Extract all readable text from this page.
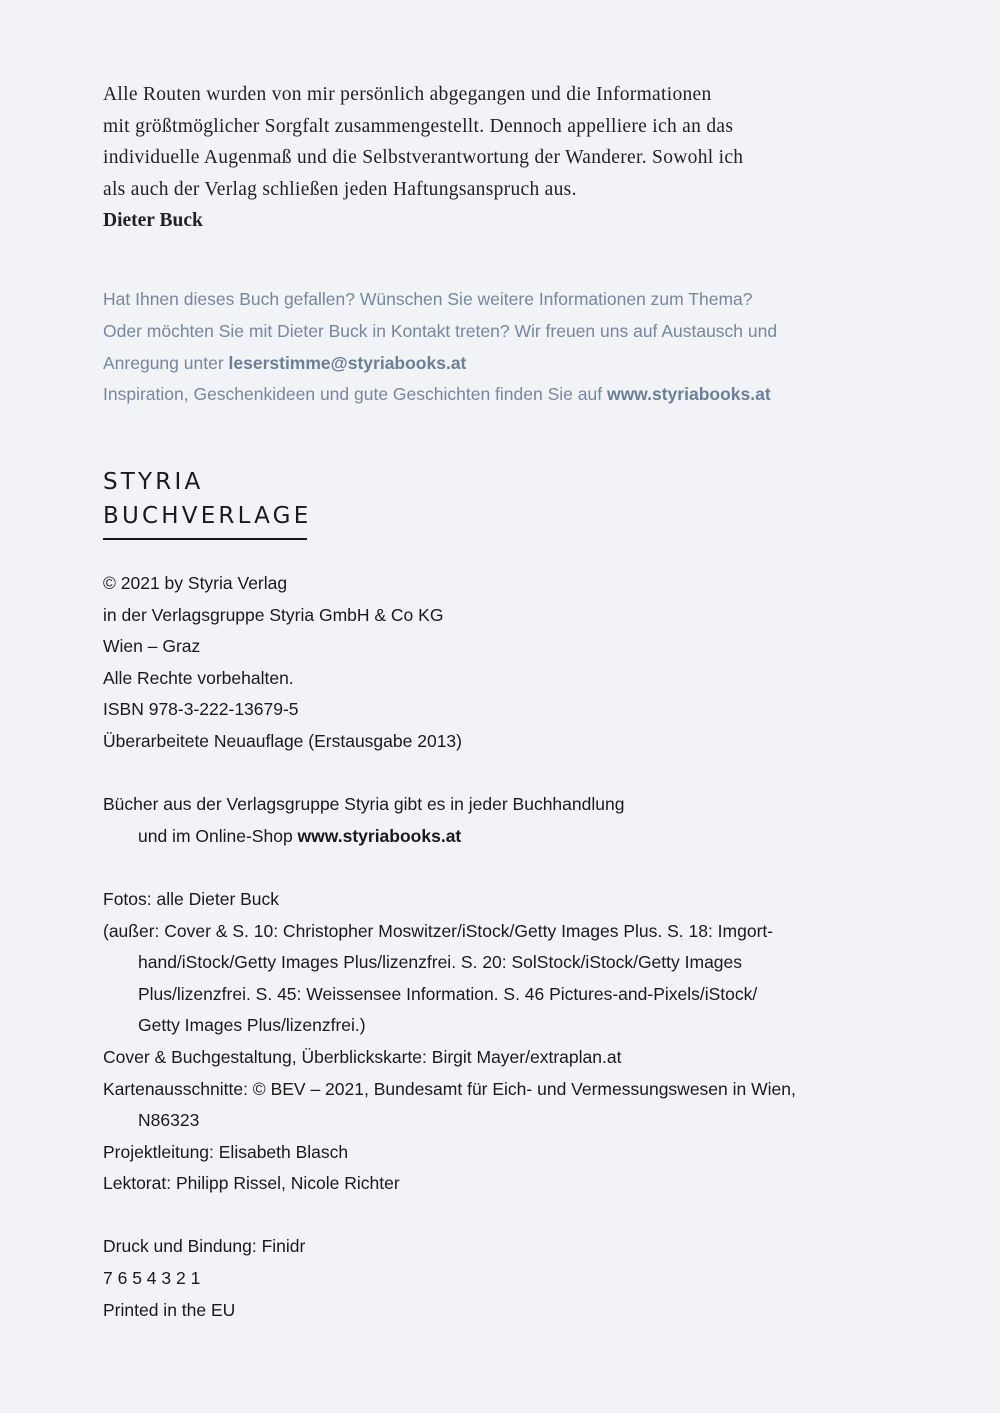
Alle Routen wurden von mir persönlich abgegangen und die Informationen
mit größtmöglicher Sorgfalt zusammengestellt. Dennoch appelliere ich an das
individuelle Augenmaß und die Selbstverantwortung der Wanderer. Sowohl ich
als auch der Verlag schließen jeden Haftungsanspruch aus.
Dieter Buck
Hat Ihnen dieses Buch gefallen? Wünschen Sie weitere Informationen zum Thema?
Oder möchten Sie mit Dieter Buck in Kontakt treten? Wir freuen uns auf Austausch und
Anregung unter leserstimme@styriabooks.at
Inspiration, Geschenkideen und gute Geschichten finden Sie auf www.styriabooks.at
STYRIA
BUCHVERLAGE
© 2021 by Styria Verlag
in der Verlagsgruppe Styria GmbH & Co KG
Wien – Graz
Alle Rechte vorbehalten.
ISBN 978-3-222-13679-5
Überarbeitete Neuauflage (Erstausgabe 2013)
Bücher aus der Verlagsgruppe Styria gibt es in jeder Buchhandlung
und im Online-Shop www.styriabooks.at
Fotos: alle Dieter Buck
(außer: Cover & S. 10: Christopher Moswitzer/iStock/Getty Images Plus. S. 18: Imgort-
hand/iStock/Getty Images Plus/lizenzfrei. S. 20: SolStock/iStock/Getty Images
Plus/lizenzfrei. S. 45: Weissensee Information. S. 46 Pictures-and-Pixels/iStock/
Getty Images Plus/lizenzfrei.)
Cover & Buchgestaltung, Überblickskarte: Birgit Mayer/extraplan.at
Kartenausschnitte: © BEV – 2021, Bundesamt für Eich- und Vermessungswesen in Wien,
N86323
Projektleitung: Elisabeth Blasch
Lektorat: Philipp Rissel, Nicole Richter
Druck und Bindung: Finidr
7 6 5 4 3 2 1
Printed in the EU
